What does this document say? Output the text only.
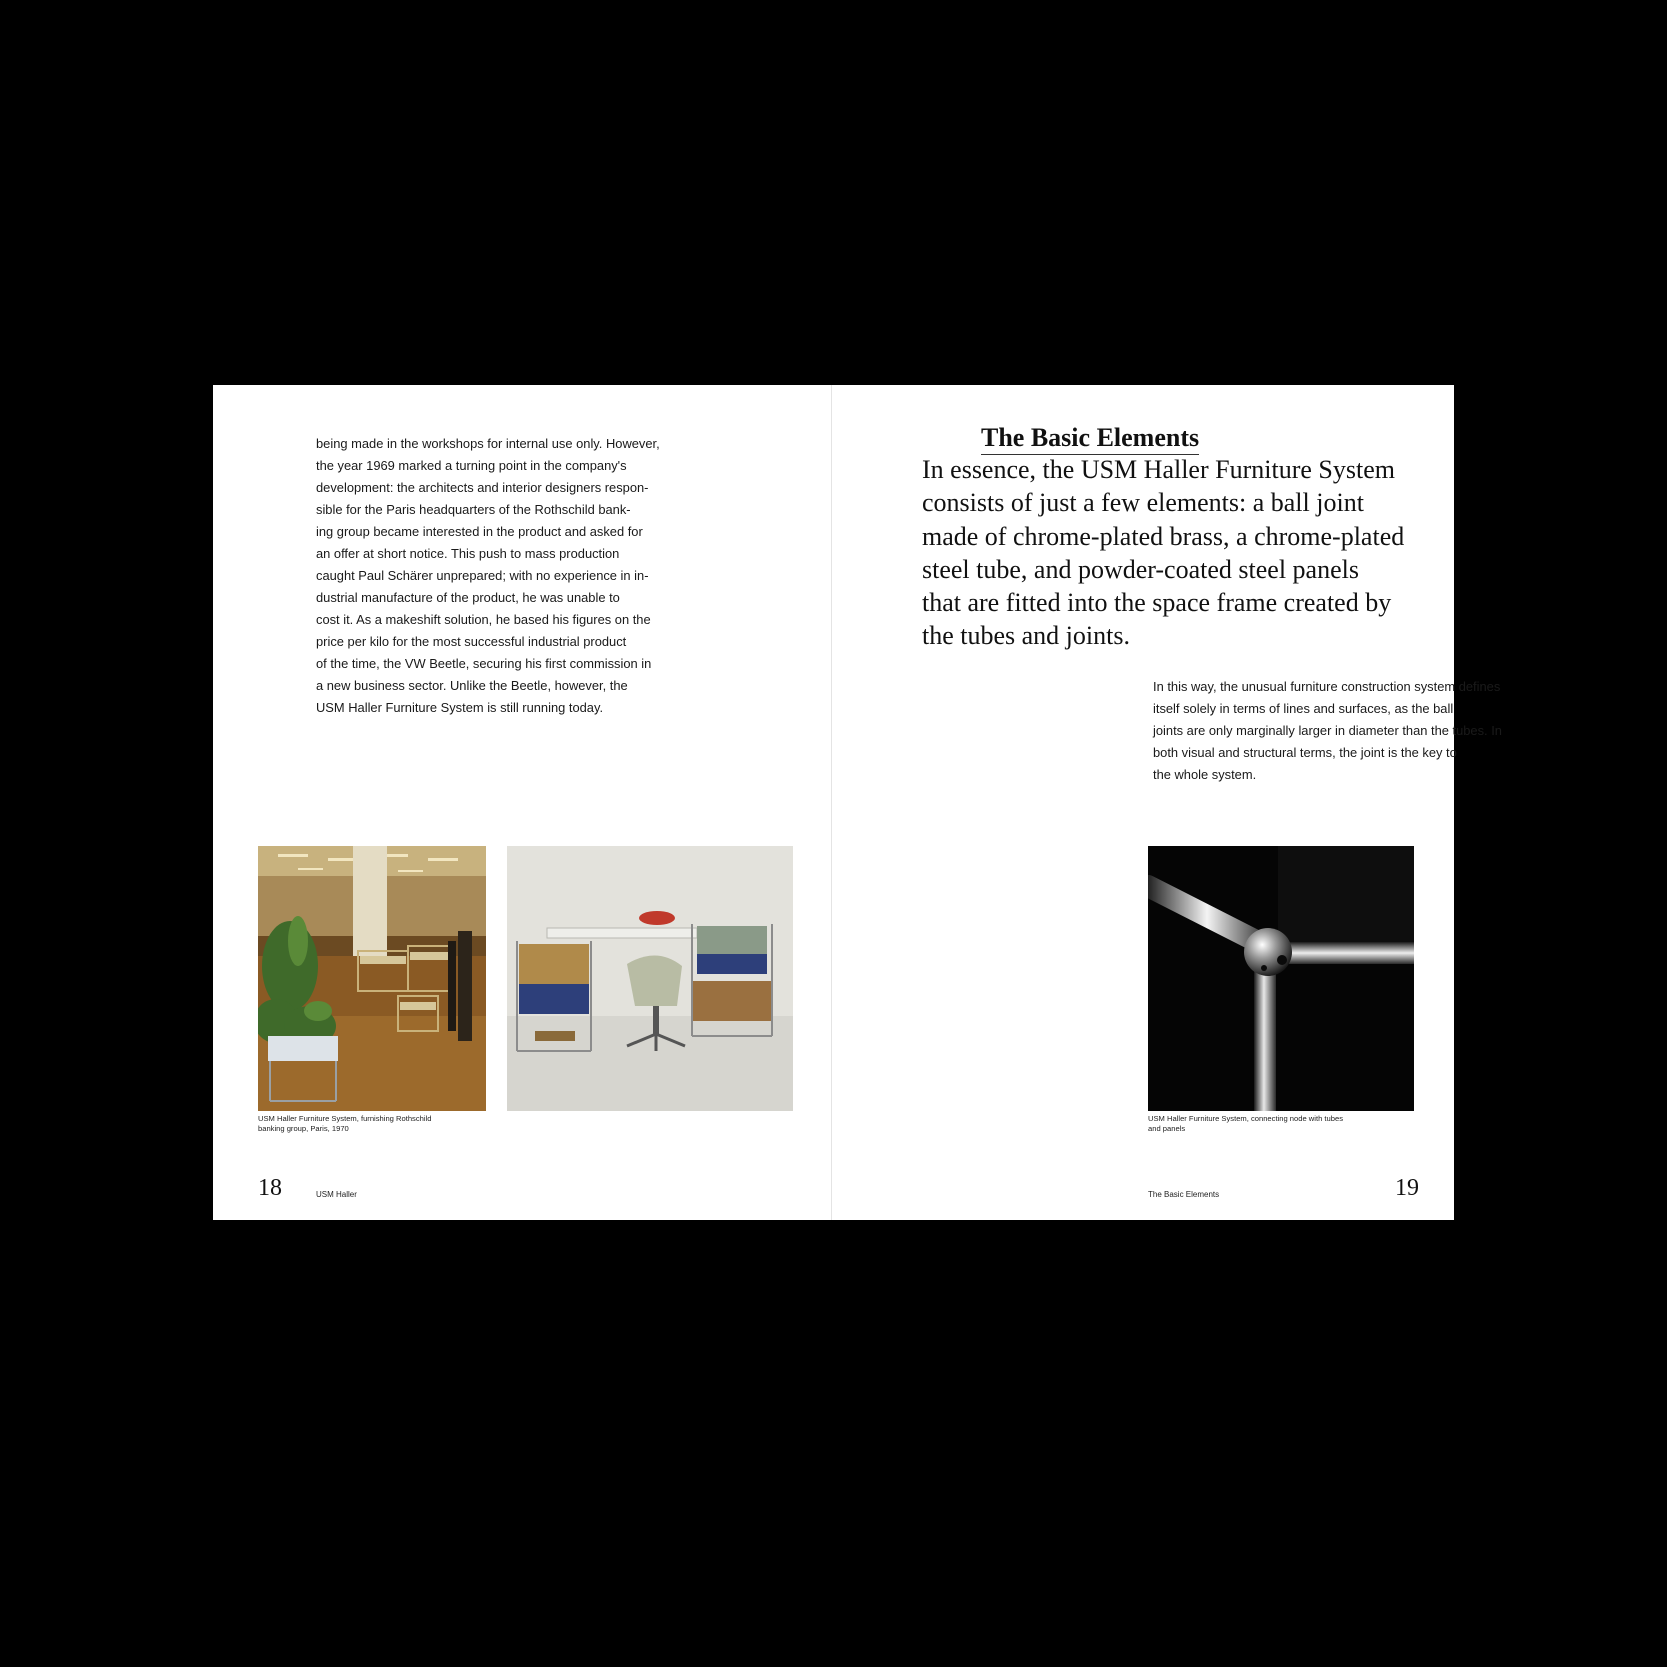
being made in the workshops for internal use only. However,
the year 1969 marked a turning point in the company's
development: the architects and interior designers respon-
sible for the Paris headquarters of the Rothschild bank-
ing group became interested in the product and asked for
an offer at short notice. This push to mass production
caught Paul Schärer unprepared; with no experience in in-
dustrial manufacture of the product, he was unable to
cost it. As a makeshift solution, he based his figures on the
price per kilo for the most successful industrial product
of the time, the VW Beetle, securing his first commission in
a new business sector. Unlike the Beetle, however, the
USM Haller Furniture System is still running today.

USM Haller Furniture System, furnishing Rothschild
banking group, Paris, 1970

18	USM Haller
The Basic Elements

In essence, the USM Haller Furniture System
consists of just a few elements: a ball joint
made of chrome-plated brass, a chrome-plated
steel tube, and powder-coated steel panels
that are fitted into the space frame created by
the tubes and joints.

In this way, the unusual furniture construction system defines
itself solely in terms of lines and surfaces, as the ball
joints are only marginally larger in diameter than the tubes. In
both visual and structural terms, the joint is the key to
the whole system.

USM Haller Furniture System, connecting node with tubes
and panels

The Basic Elements	19
